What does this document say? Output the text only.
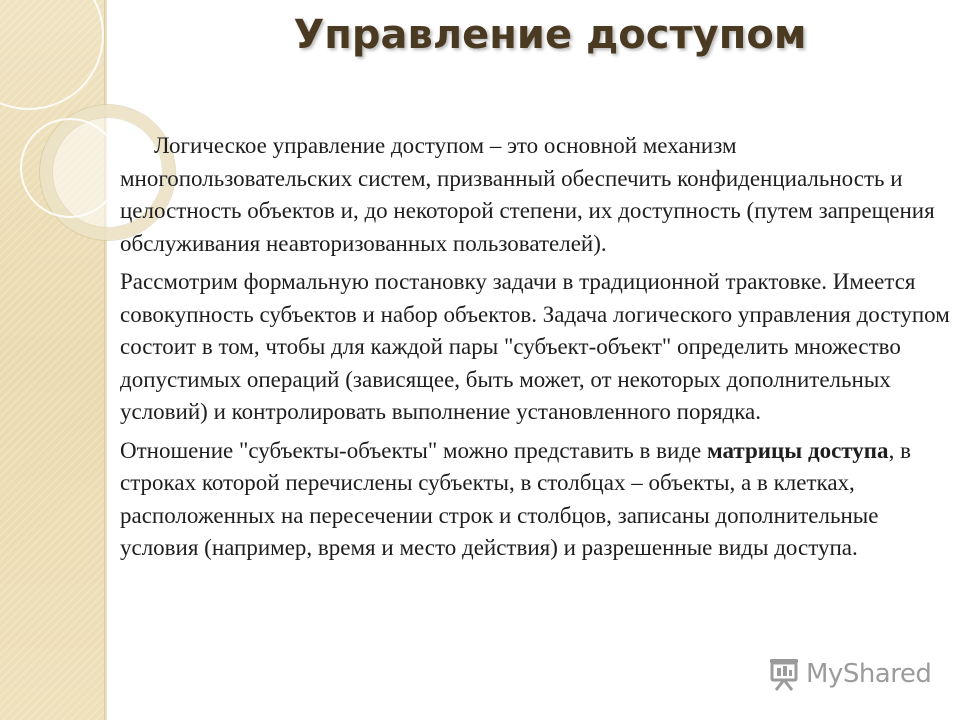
Управление доступом

Логическое управление доступом – это основной механизм многопользовательских систем, призванный обеспечить конфиденциальность и целостность объектов и, до некоторой степени, их доступность (путем запрещения обслуживания неавторизованных пользователей).

Рассмотрим формальную постановку задачи в традиционной трактовке. Имеется совокупность субъектов и набор объектов. Задача логического управления доступом состоит в том, чтобы для каждой пары "субъект-объект" определить множество допустимых операций (зависящее, быть может, от некоторых дополнительных условий) и контролировать выполнение установленного порядка.

Отношение "субъекты-объекты" можно представить в виде матрицы доступа, в строках которой перечислены субъекты, в столбцах – объекты, а в клетках, расположенных на пересечении строк и столбцов, записаны дополнительные условия (например, время и место действия) и разрешенные виды доступа.

MyShared
